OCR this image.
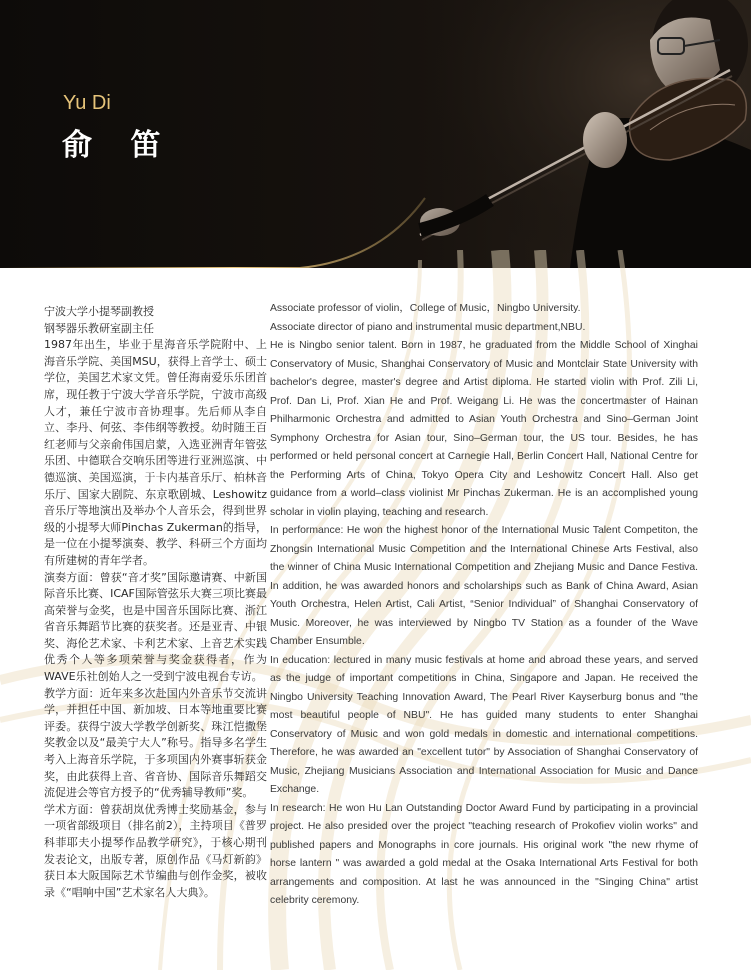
Yu Di
俞 笛

宁波大学小提琴副教授

钢琴器乐教研室副主任

1987年出生，毕业于星海音乐学院附中、上海音乐学院、美国MSU，获得上音学士、硕士学位，美国艺术家文凭。曾任海南爱乐乐团首席，现任教于宁波大学音乐学院，宁波市高级人才，兼任宁波市音协理事。先后师从李自立、李丹、何弦、李伟纲等教授。幼时随王百红老师与父亲俞伟国启蒙，入选亚洲青年管弦乐团、中德联合交响乐团等进行亚洲巡演、中德巡演、美国巡演，于卡内基音乐厅、柏林音乐厅、国家大剧院、东京歌剧城、Leshowitz音乐厅等地演出及举办个人音乐会，得到世界级的小提琴大师Pinchas Zukerman的指导，是一位在小提琴演奏、教学、科研三个方面均有所建树的青年学者。

演奏方面：曾获“音才奖”国际邀请赛、中新国际音乐比赛、ICAF国际管弦乐大赛三项比赛最高荣誉与金奖，也是中国音乐国际比赛、浙江省音乐舞蹈节比赛的获奖者。还是亚青、中银奖、海伦艺术家、卡利艺术家、上音艺术实践优秀个人等多项荣誉与奖金获得者，作为WAVE乐社创始人之一受到宁波电视台专访。

教学方面：近年来多次赴国内外音乐节交流讲学，并担任中国、新加坡、日本等地重要比赛评委。获得宁波大学教学创新奖、珠江恺撒堡奖教金以及“最美宁大人”称号。指导多名学生考入上海音乐学院，于多项国内外赛事斩获金奖，由此获得上音、省音协、国际音乐舞蹈交流促进会等官方授予的“优秀辅导教师”奖。

学术方面：曾获胡岚优秀博士奖励基金，参与一项省部级项目（排名前2），主持项目《普罗科菲耶夫小提琴作品教学研究》，于核心期刊发表论文，出版专著，原创作品《马灯新韵》获日本大阪国际艺术节编曲与创作金奖，被收录《“唱响中国”艺术家名人大典》。

Associate professor of violin，College of Music，Ningbo University.

Associate director of piano and instrumental music department,NBU.

He is Ningbo senior talent. Born in 1987, he graduated from the Middle School of Xinghai Conservatory of Music, Shanghai Conservatory of Music and Montclair State University with bachelor's degree, master's degree and Artist diploma. He started violin with Prof. Zili Li, Prof. Dan Li, Prof. Xian He and Prof. Weigang Li. He was the concertmaster of Hainan Philharmonic Orchestra and admitted to Asian Youth Orchestra and Sino–German Joint Symphony Orchestra for Asian tour, Sino–German tour, the US tour. Besides, he has performed or held personal concert at Carnegie Hall, Berlin Concert Hall, National Centre for the Performing Arts of China, Tokyo Opera City and Leshowitz Concert Hall. Also get guidance from a world–class violinist Mr Pinchas Zukerman. He is an accomplished young scholar in violin playing, teaching and research.

In performance: He won the highest honor of the International Music Talent Competiton, the Zhongsin International Music Competition and the International Chinese Arts Festival, also the winner of China Music International Competition and Zhejiang Music and Dance Festiva. In addition, he was awarded honors and scholarships such as Bank of China Award, Asian Youth Orchestra, Helen Artist, Cali Artist, “Senior Individual” of Shanghai Conservatory of Music. Moreover, he was interviewed by Ningbo TV Station as a founder of the Wave Chamber Ensumble.

In education: lectured in many music festivals at home and abroad these years, and served as the judge of important competitions in China, Singapore and Japan. He received the Ningbo University Teaching Innovation Award, The Pearl River Kayserburg bonus and "the most beautiful people of NBU". He has guided many students to enter Shanghai Conservatory of Music and won gold medals in domestic and international competitions. Therefore, he was awarded an "excellent tutor" by Association of Shanghai Conservatory of Music, Zhejiang Musicians Association and International Association for Music and Dance Exchange.

In research: He won Hu Lan Outstanding Doctor Award Fund by participating in a provincial project. He also presided over the project "teaching research of Prokofiev violin works" and published papers and Monographs in core journals. His original work "the new rhyme of horse lantern " was awarded a gold medal at the Osaka International Arts Festival for both arrangements and composition. At last he was announced in the "Singing China" artist celebrity ceremony.
